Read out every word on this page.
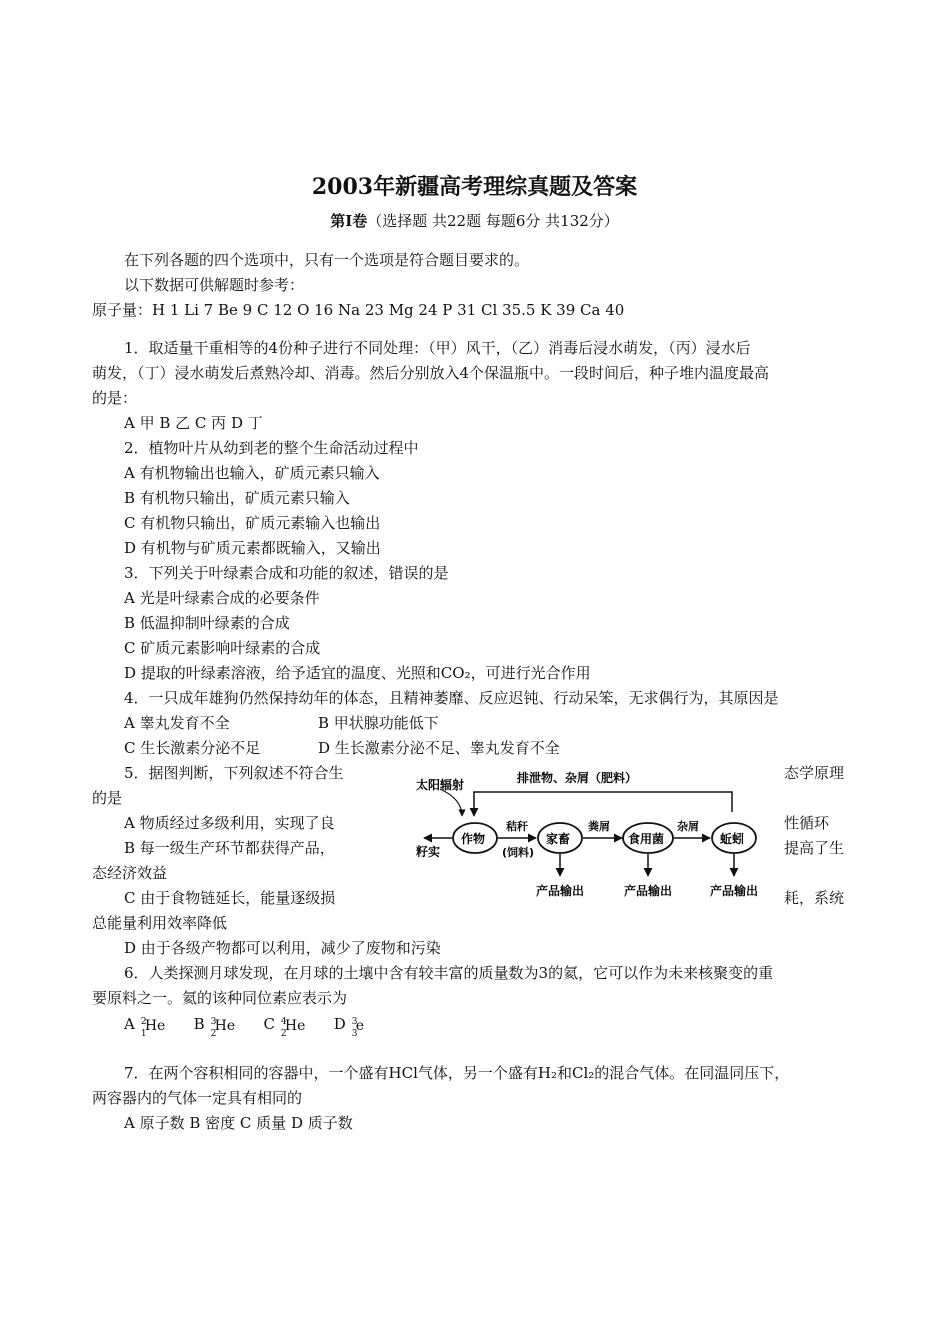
2003年新疆高考理综真题及答案
第Ⅰ卷（选择题 共22题 每题6分 共132分）
在下列各题的四个选项中，只有一个选项是符合题目要求的。
以下数据可供解题时参考：
原子量：H 1 Li 7 Be 9 C 12 O 16 Na 23 Mg 24 P 31 Cl 35.5 K 39 Ca 40
1．取适量干重相等的4份种子进行不同处理：（甲）风干，（乙）消毒后浸水萌发，（丙）浸水后
萌发，（丁）浸水萌发后煮熟冷却、消毒。然后分别放入4个保温瓶中。一段时间后，种子堆内温度最高
的是：
A 甲 B 乙 C 丙 D 丁
2．植物叶片从幼到老的整个生命活动过程中
A 有机物输出也输入，矿质元素只输入
B 有机物只输出，矿质元素只输入
C 有机物只输出，矿质元素输入也输出
D 有机物与矿质元素都既输入，又输出
3．下列关于叶绿素合成和功能的叙述，错误的是
A 光是叶绿素合成的必要条件
B 低温抑制叶绿素的合成
C 矿质元素影响叶绿素的合成
D 提取的叶绿素溶液，给予适宜的温度、光照和CO₂，可进行光合作用
4．一只成年雄狗仍然保持幼年的体态，且精神萎靡、反应迟钝、行动呆笨，无求偶行为，其原因是
A 睾丸发育不全	B 甲状腺功能低下
C 生长激素分泌不足	D 生长激素分泌不足、睾丸发育不全
5．据图判断，下列叙述不符合生	态学原理
的是
A 物质经过多级利用，实现了良	性循环
B 每一级生产环节都获得产品，	提高了生
态经济效益
C 由于食物链延长，能量逐级损	耗，系统
总能量利用效率降低
D 由于各级产物都可以利用，减少了废物和污染
太阳辐射	排泄物、杂屑（肥料）
作物
籽实
秸秆
(饲料)
家畜
粪屑
食用菌
杂屑
蚯蚓
产品输出	产品输出	产品输出
6．人类探测月球发现，在月球的土壤中含有较丰富的质量数为3的氦，它可以作为未来核聚变的重
要原料之一。氦的该种同位素应表示为
A 2
1
He B 3
2
He C 4
2
He D 3
3
e
7．在两个容积相同的容器中，一个盛有HCl气体，另一个盛有H₂和Cl₂的混合气体。在同温同压下，
两容器内的气体一定具有相同的
A 原子数 B 密度 C 质量 D 质子数
